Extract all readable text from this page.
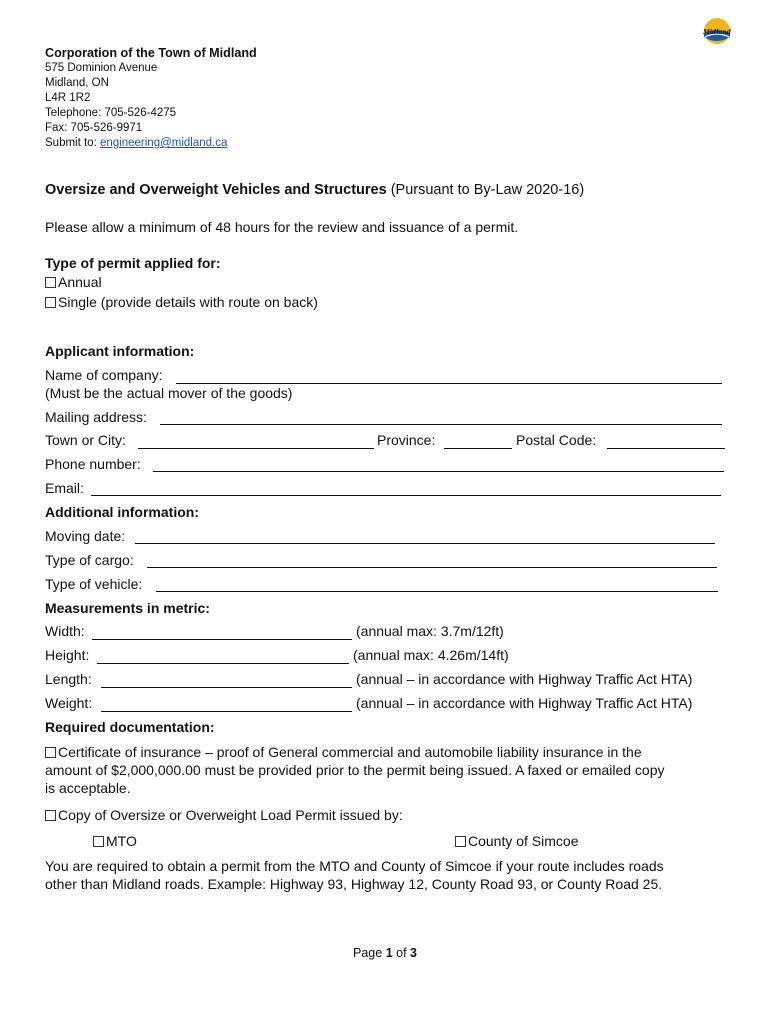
Midland
Corporation of the Town of Midland
575 Dominion Avenue
Midland, ON
L4R 1R2
Telephone: 705-526-4275
Fax: 705-526-9971
Submit to: engineering@midland.ca
Oversize and Overweight Vehicles and Structures (Pursuant to By-Law 2020-16)
Please allow a minimum of 48 hours for the review and issuance of a permit.
Type of permit applied for:
Annual
Single (provide details with route on back)
Applicant information:
Name of company:
(Must be the actual mover of the goods)
Mailing address:
Town or City:	Province:	Postal Code:
Phone number:
Email:
Additional information:
Moving date:
Type of cargo:
Type of vehicle:
Measurements in metric:
Width:	(annual max: 3.7m/12ft)
Height:	(annual max: 4.26m/14ft)
Length:	(annual – in accordance with Highway Traffic Act HTA)
Weight:	(annual – in accordance with Highway Traffic Act HTA)
Required documentation:
Certificate of insurance – proof of General commercial and automobile liability insurance in the
amount of $2,000,000.00 must be provided prior to the permit being issued. A faxed or emailed copy
is acceptable.
Copy of Oversize or Overweight Load Permit issued by:
MTO	County of Simcoe
You are required to obtain a permit from the MTO and County of Simcoe if your route includes roads
other than Midland roads. Example: Highway 93, Highway 12, County Road 93, or County Road 25.
Page 1 of 3
